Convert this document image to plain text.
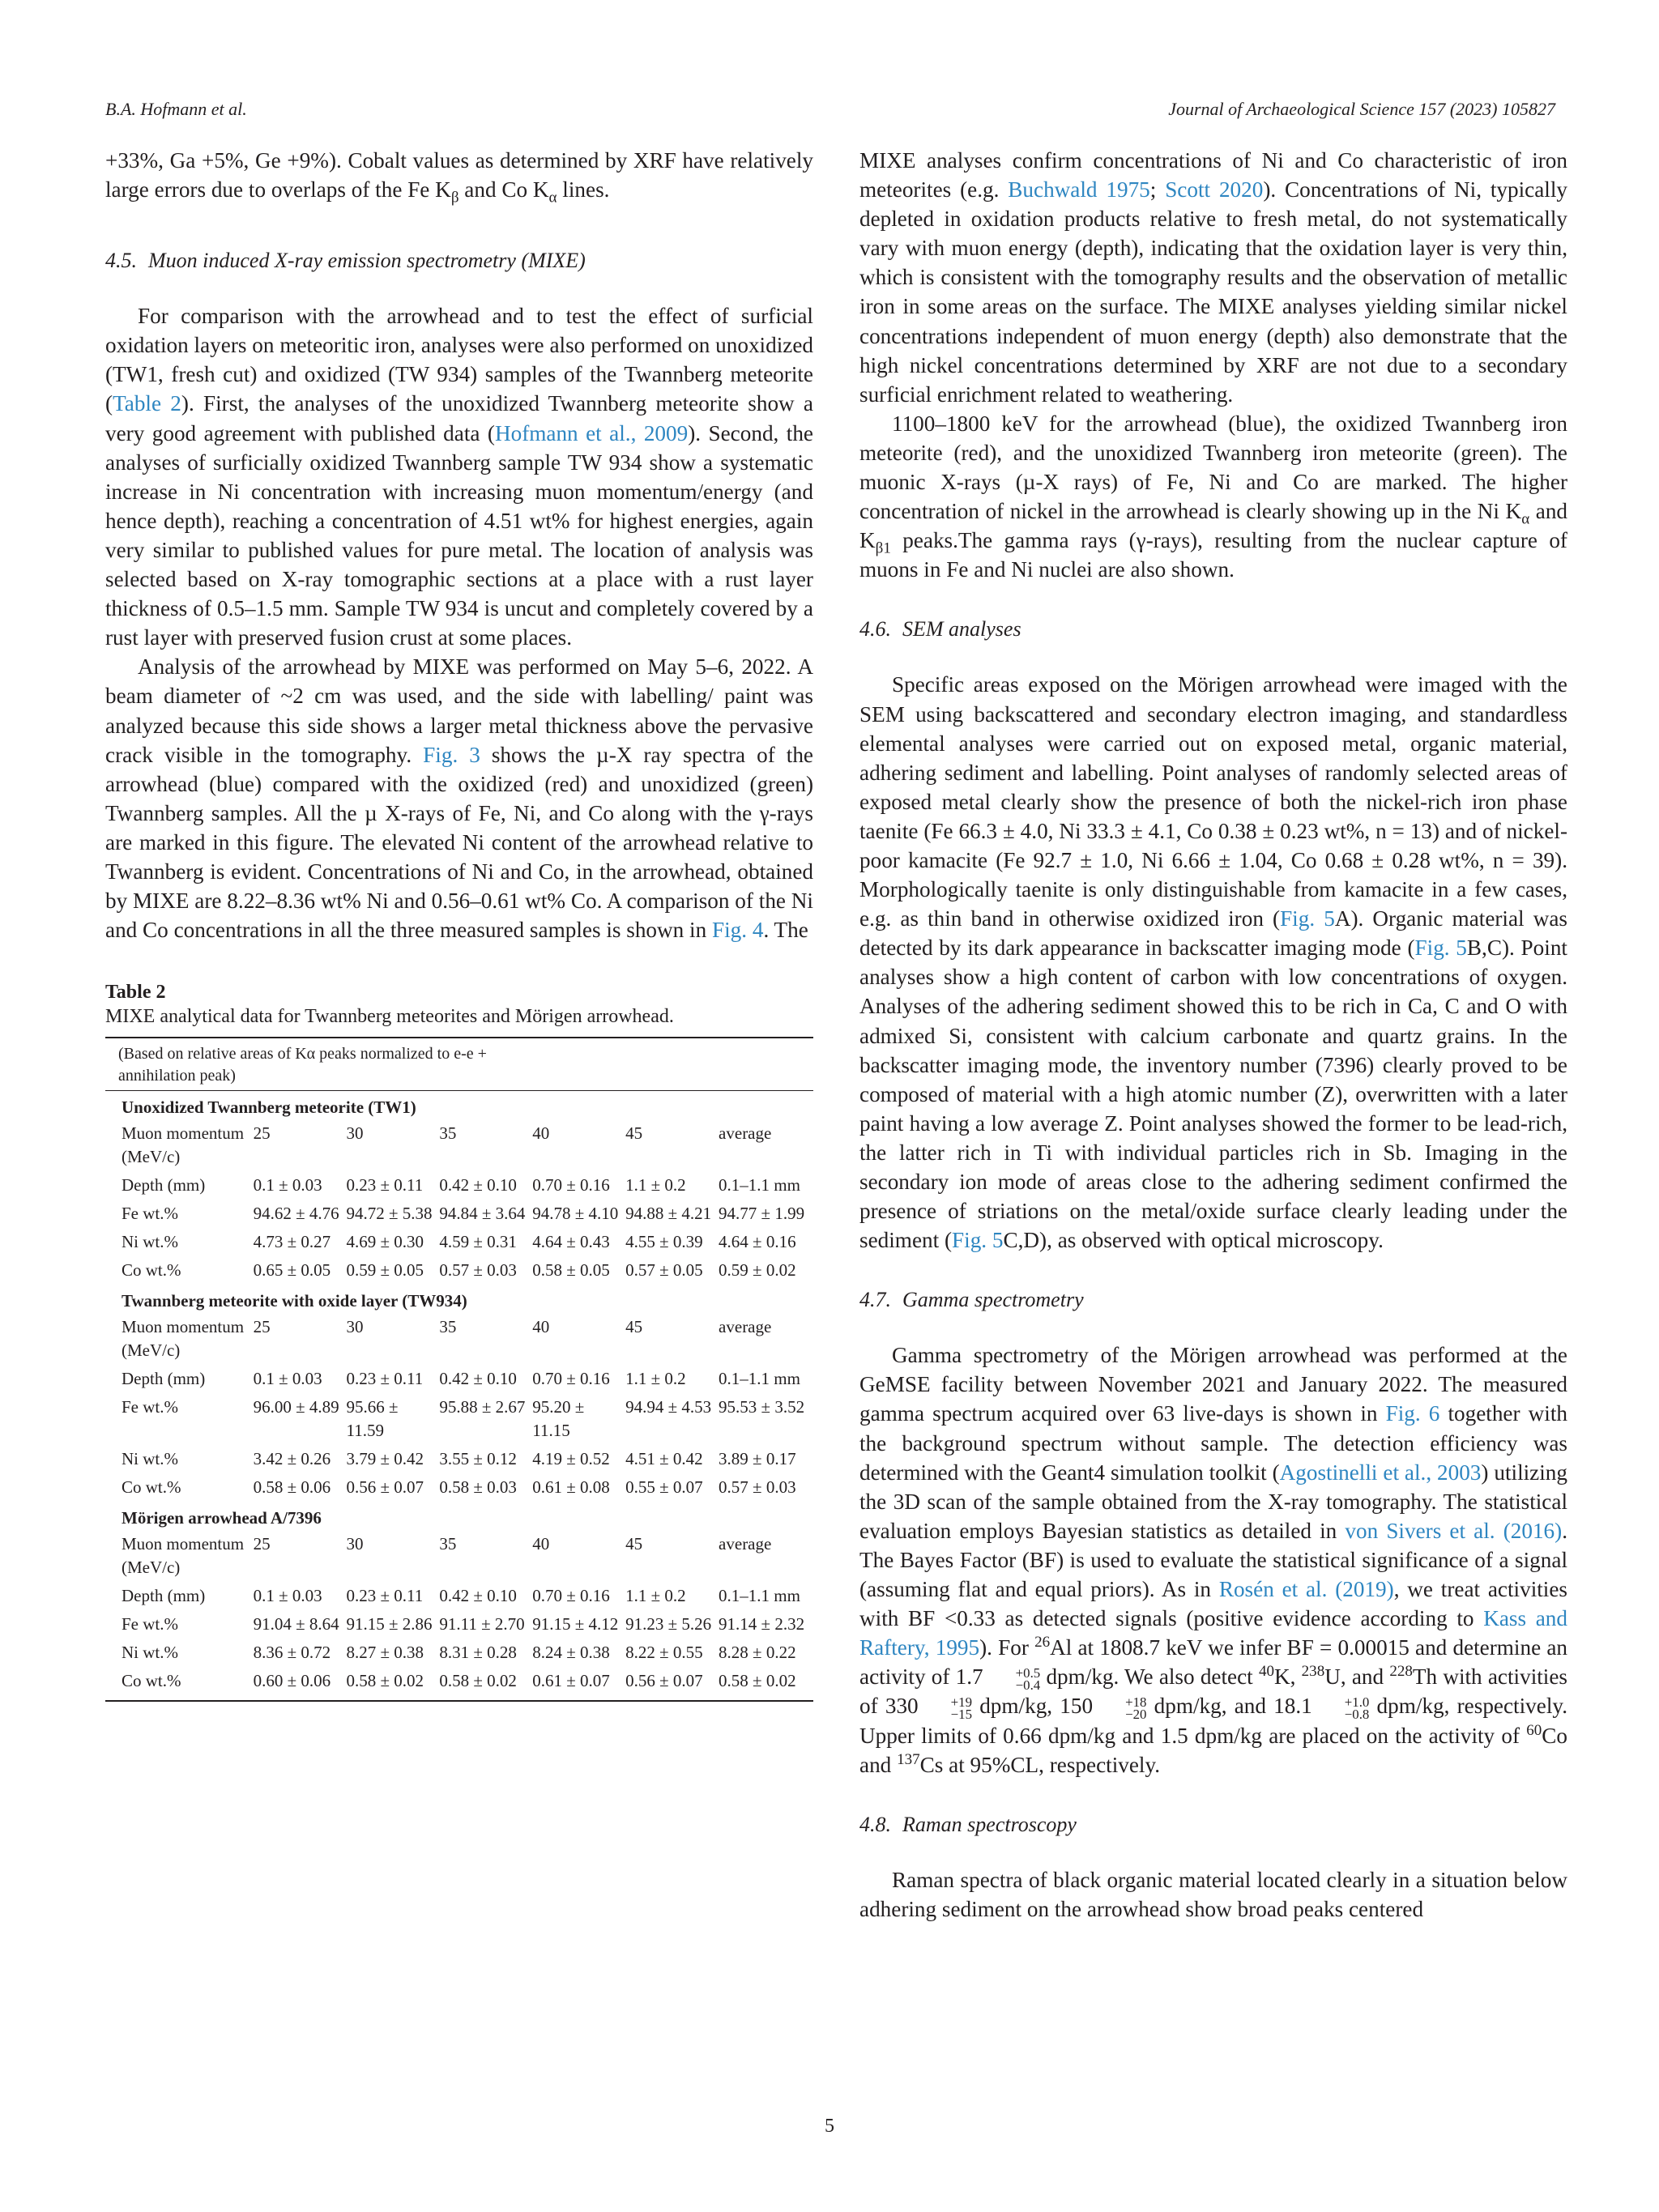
B.A. Hofmann et al.	Journal of Archaeological Science 157 (2023) 105827

+33%, Ga +5%, Ge +9%). Cobalt values as determined by XRF have relatively large errors due to overlaps of the Fe $K_\beta$ and Co $K_\alpha$ lines.

4.5. Muon induced X-ray emission spectrometry (MIXE)

For comparison with the arrowhead and to test the effect of surficial oxidation layers on meteoritic iron, analyses were also performed on unoxidized (TW1, fresh cut) and oxidized (TW 934) samples of the Twannberg meteorite (Table 2). First, the analyses of the unoxidized Twannberg meteorite show a very good agreement with published data (Hofmann et al., 2009). Second, the analyses of surficially oxidized Twannberg sample TW 934 show a systematic increase in Ni concentration with increasing muon momentum/energy (and hence depth), reaching a concentration of 4.51 wt% for highest energies, again very similar to published values for pure metal. The location of analysis was selected based on X-ray tomographic sections at a place with a rust layer thickness of 0.5–1.5 mm. Sample TW 934 is uncut and completely covered by a rust layer with preserved fusion crust at some places.

Analysis of the arrowhead by MIXE was performed on May 5–6, 2022. A beam diameter of ~2 cm was used, and the side with labelling/ paint was analyzed because this side shows a larger metal thickness above the pervasive crack visible in the tomography. Fig. 3 shows the µ-X ray spectra of the arrowhead (blue) compared with the oxidized (red) and unoxidized (green) Twannberg samples. All the µ X-rays of Fe, Ni, and Co along with the γ-rays are marked in this figure. The elevated Ni content of the arrowhead relative to Twannberg is evident. Concentrations of Ni and Co, in the arrowhead, obtained by MIXE are 8.22–8.36 wt% Ni and 0.56–0.61 wt% Co. A comparison of the Ni and Co concentrations in all the three measured samples is shown in Fig. 4. The

Table 2
MIXE analytical data for Twannberg meteorites and Mörigen arrowhead.
(Based on relative areas of Kα peaks normalized to e-e + annihilation peak)
Unoxidized Twannberg meteorite (TW1)						
Muon momentum (MeV/c)	25	30	35	40	45	average
Depth (mm)	0.1 ± 0.03	0.23 ± 0.11	0.42 ± 0.10	0.70 ± 0.16	1.1 ± 0.2	0.1–1.1 mm
Fe wt.%	94.62 ± 4.76	94.72 ± 5.38	94.84 ± 3.64	94.78 ± 4.10	94.88 ± 4.21	94.77 ± 1.99
Ni wt.%	4.73 ± 0.27	4.69 ± 0.30	4.59 ± 0.31	4.64 ± 0.43	4.55 ± 0.39	4.64 ± 0.16
Co wt.%	0.65 ± 0.05	0.59 ± 0.05	0.57 ± 0.03	0.58 ± 0.05	0.57 ± 0.05	0.59 ± 0.02
Twannberg meteorite with oxide layer (TW934)						
Muon momentum (MeV/c)	25	30	35	40	45	average
Depth (mm)	0.1 ± 0.03	0.23 ± 0.11	0.42 ± 0.10	0.70 ± 0.16	1.1 ± 0.2	0.1–1.1 mm
Fe wt.%	96.00 ± 4.89	95.66 ± 11.59	95.88 ± 2.67	95.20 ± 11.15	94.94 ± 4.53	95.53 ± 3.52
Ni wt.%	3.42 ± 0.26	3.79 ± 0.42	3.55 ± 0.12	4.19 ± 0.52	4.51 ± 0.42	3.89 ± 0.17
Co wt.%	0.58 ± 0.06	0.56 ± 0.07	0.58 ± 0.03	0.61 ± 0.08	0.55 ± 0.07	0.57 ± 0.03
Mörigen arrowhead A/7396						
Muon momentum (MeV/c)	25	30	35	40	45	average
Depth (mm)	0.1 ± 0.03	0.23 ± 0.11	0.42 ± 0.10	0.70 ± 0.16	1.1 ± 0.2	0.1–1.1 mm
Fe wt.%	91.04 ± 8.64	91.15 ± 2.86	91.11 ± 2.70	91.15 ± 4.12	91.23 ± 5.26	91.14 ± 2.32
Ni wt.%	8.36 ± 0.72	8.27 ± 0.38	8.31 ± 0.28	8.24 ± 0.38	8.22 ± 0.55	8.28 ± 0.22
Co wt.%	0.60 ± 0.06	0.58 ± 0.02	0.58 ± 0.02	0.61 ± 0.07	0.56 ± 0.07	0.58 ± 0.02

MIXE analyses confirm concentrations of Ni and Co characteristic of iron meteorites (e.g. Buchwald 1975; Scott 2020). Concentrations of Ni, typically depleted in oxidation products relative to fresh metal, do not systematically vary with muon energy (depth), indicating that the oxidation layer is very thin, which is consistent with the tomography results and the observation of metallic iron in some areas on the surface. The MIXE analyses yielding similar nickel concentrations independent of muon energy (depth) also demonstrate that the high nickel concentrations determined by XRF are not due to a secondary surficial enrichment related to weathering.

1100–1800 keV for the arrowhead (blue), the oxidized Twannberg iron meteorite (red), and the unoxidized Twannberg iron meteorite (green). The muonic X-rays (µ-X rays) of Fe, Ni and Co are marked. The higher concentration of nickel in the arrowhead is clearly showing up in the Ni $K_\alpha$ and $K_{\beta 1}$ peaks.The gamma rays (γ-rays), resulting from the nuclear capture of muons in Fe and Ni nuclei are also shown.

4.6. SEM analyses

Specific areas exposed on the Mörigen arrowhead were imaged with the SEM using backscattered and secondary electron imaging, and standardless elemental analyses were carried out on exposed metal, organic material, adhering sediment and labelling. Point analyses of randomly selected areas of exposed metal clearly show the presence of both the nickel-rich iron phase taenite (Fe 66.3 ± 4.0, Ni 33.3 ± 4.1, Co 0.38 ± 0.23 wt%, n = 13) and of nickel-poor kamacite (Fe 92.7 ± 1.0, Ni 6.66 ± 1.04, Co 0.68 ± 0.28 wt%, n = 39). Morphologically taenite is only distinguishable from kamacite in a few cases, e.g. as thin band in otherwise oxidized iron (Fig. 5A). Organic material was detected by its dark appearance in backscatter imaging mode (Fig. 5B,C). Point analyses show a high content of carbon with low concentrations of oxygen. Analyses of the adhering sediment showed this to be rich in Ca, C and O with admixed Si, consistent with calcium carbonate and quartz grains. In the backscatter imaging mode, the inventory number (7396) clearly proved to be composed of material with a high atomic number (Z), overwritten with a later paint having a low average Z. Point analyses showed the former to be lead-rich, the latter rich in Ti with individual particles rich in Sb. Imaging in the secondary ion mode of areas close to the adhering sediment confirmed the presence of striations on the metal/oxide surface clearly leading under the sediment (Fig. 5C,D), as observed with optical microscopy.

4.7. Gamma spectrometry

Gamma spectrometry of the Mörigen arrowhead was performed at the GeMSE facility between November 2021 and January 2022. The measured gamma spectrum acquired over 63 live-days is shown in Fig. 6 together with the background spectrum without sample. The detection efficiency was determined with the Geant4 simulation toolkit (Agostinelli et al., 2003) utilizing the 3D scan of the sample obtained from the X-ray tomography. The statistical evaluation employs Bayesian statistics as detailed in von Sivers et al. (2016). The Bayes Factor (BF) is used to evaluate the statistical significance of a signal (assuming flat and equal priors). As in Rosén et al. (2019), we treat activities with BF <0.33 as detected signals (positive evidence according to Kass and Raftery, 1995). For $^{26}$Al at 1808.7 keV we infer BF = 0.00015 and determine an activity of 1.7	+0.5
−0.4 dpm/kg. We also detect $^{40}$K, $^{238}$U, and $^{228}$Th with activities of 330	+19
−15 dpm/kg, 150	+18
−20 dpm/kg, and 18.1	+1.0
−0.8 dpm/kg, respectively. Upper limits of 0.66 dpm/kg and 1.5 dpm/kg are placed on the activity of $^{60}$Co and $^{137}$Cs at 95%CL, respectively.

4.8. Raman spectroscopy

Raman spectra of black organic material located clearly in a situation below adhering sediment on the arrowhead show broad peaks centered

5
